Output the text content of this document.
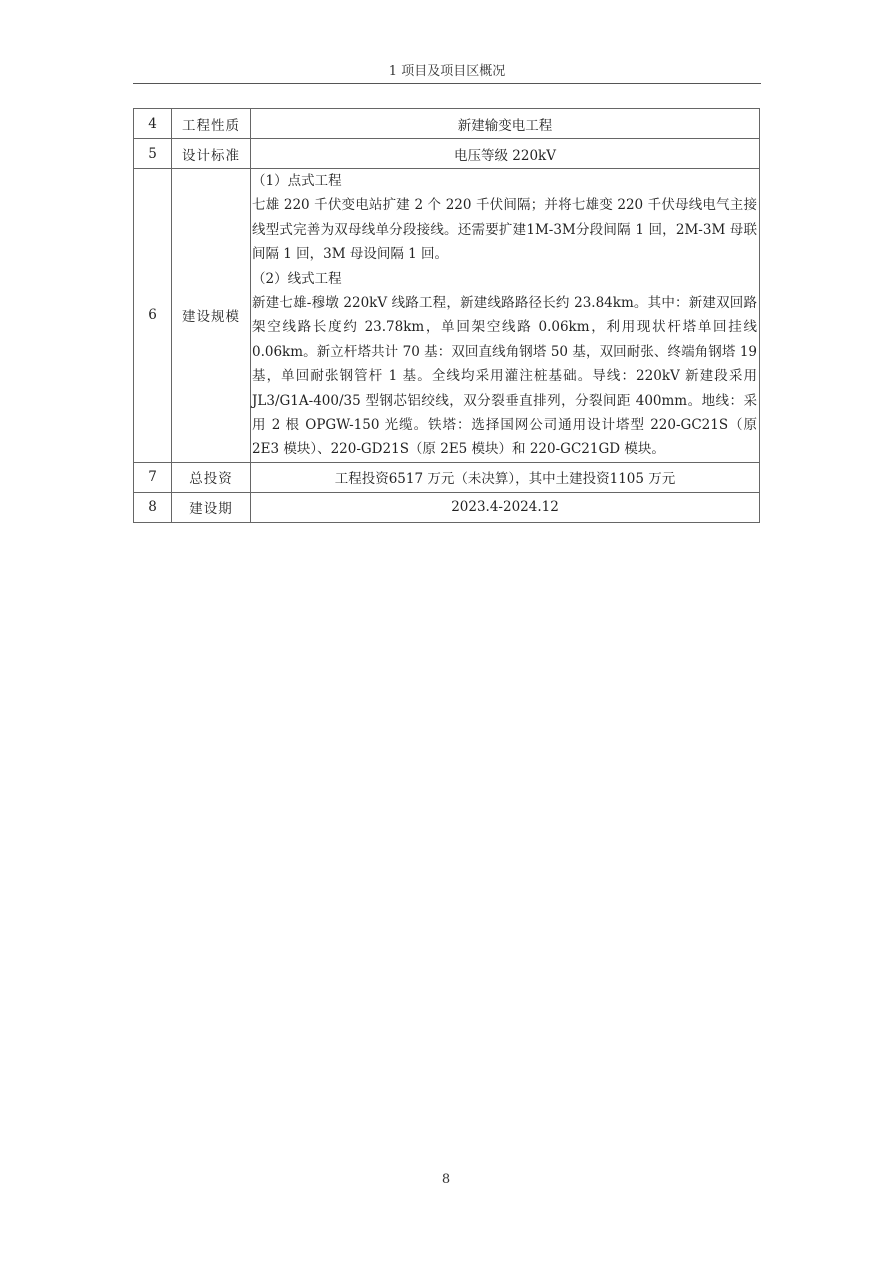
1 项目及项目区概况
4	工程性质	新建输变电工程
5	设计标准	电压等级 220kV
6	建设规模	（1）点式工程

七雄 220 千伏变电站扩建 2 个 220 千伏间隔；并将七雄变 220 千伏母线电气主接线型式完善为双母线单分段接线。还需要扩建1M-3M分段间隔 1 回，2M-3M 母联间隔 1 回，3M 母设间隔 1 回。

（2）线式工程

新建七雄-穆墩 220kV 线路工程，新建线路路径长约 23.84km。其中：新建双回路架空线路长度约 23.78km，单回架空线路 0.06km，利用现状杆塔单回挂线 0.06km。新立杆塔共计 70 基：双回直线角钢塔 50 基，双回耐张、终端角钢塔 19 基，单回耐张钢管杆 1 基。全线均采用灌注桩基础。导线：220kV 新建段采用 JL3/G1A-400/35 型钢芯铝绞线，双分裂垂直排列，分裂间距 400mm。地线：采用 2 根 OPGW-150 光缆。铁塔：选择国网公司通用设计塔型 220-GC21S（原 2E3 模块）、220-GD21S（原 2E5 模块）和 220-GC21GD 模块。

7	总投资	工程投资6517 万元（未决算），其中土建投资1105 万元
8	建设期	2023.4-2024.12
8
